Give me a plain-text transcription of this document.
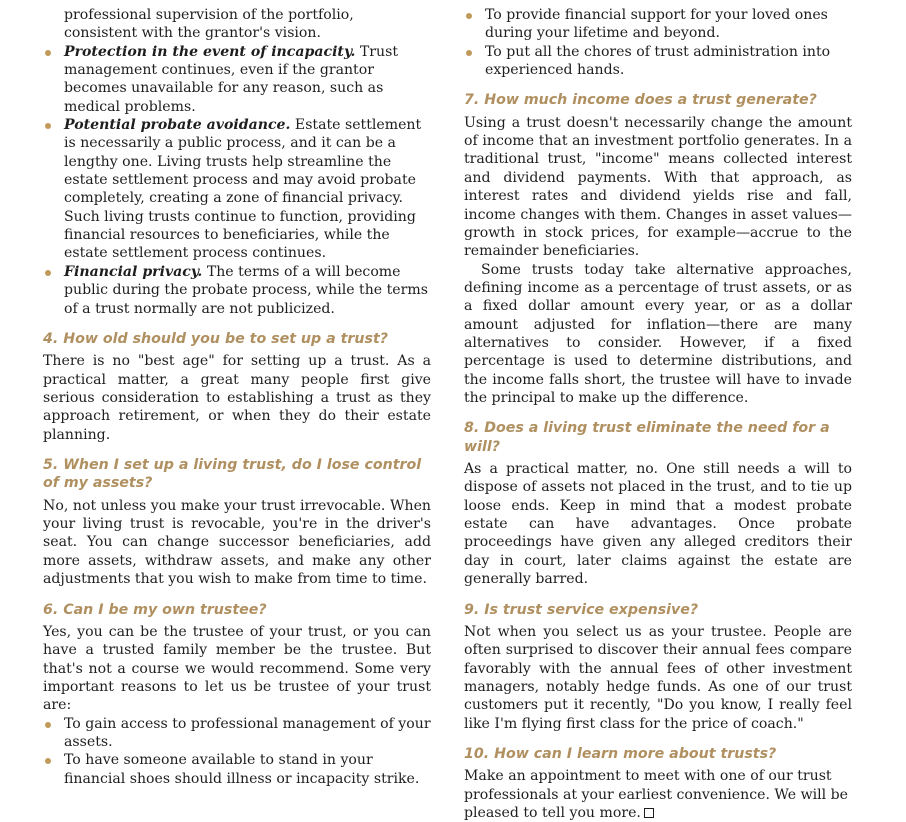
professional supervision of the portfolio, consistent with the grantor's vision.

Protection in the event of incapacity. Trust management continues, even if the grantor becomes unavailable for any reason, such as medical problems.
Potential probate avoidance. Estate settlement is necessarily a public process, and it can be a lengthy one. Living trusts help streamline the estate settlement process and may avoid probate completely, creating a zone of financial privacy. Such living trusts continue to function, providing financial resources to beneficiaries, while the estate settlement process continues.
Financial privacy. The terms of a will become public during the probate process, while the terms of a trust normally are not publicized.
4. How old should you be to set up a trust?

There is no "best age" for setting up a trust. As a practical matter, a great many people first give serious consideration to establishing a trust as they approach retirement, or when they do their estate planning.

5. When I set up a living trust, do I lose control of my assets?

No, not unless you make your trust irrevocable. When your living trust is revocable, you're in the driver's seat. You can change successor beneficiaries, add more assets, withdraw assets, and make any other adjustments that you wish to make from time to time.

6. Can I be my own trustee?

Yes, you can be the trustee of your trust, or you can have a trusted family member be the trustee. But that's not a course we would recommend. Some very important reasons to let us be trustee of your trust are:

To gain access to professional management of your assets.
To have someone available to stand in your financial shoes should illness or incapacity strike.
To provide financial support for your loved ones during your lifetime and beyond.
To put all the chores of trust administration into experienced hands.
7. How much income does a trust generate?

Using a trust doesn't necessarily change the amount of income that an investment portfolio generates. In a traditional trust, "income" means collected interest and dividend payments. With that approach, as interest rates and dividend yields rise and fall, income changes with them. Changes in asset values—growth in stock prices, for example—accrue to the remainder beneficiaries.

Some trusts today take alternative approaches, defining income as a percentage of trust assets, or as a fixed dollar amount every year, or as a dollar amount adjusted for inflation—there are many alternatives to consider. However, if a fixed percentage is used to determine distributions, and the income falls short, the trustee will have to invade the principal to make up the difference.

8. Does a living trust eliminate the need for a will?

As a practical matter, no. One still needs a will to dispose of assets not placed in the trust, and to tie up loose ends. Keep in mind that a modest probate estate can have advantages. Once probate proceedings have given any alleged creditors their day in court, later claims against the estate are generally barred.

9. Is trust service expensive?

Not when you select us as your trustee. People are often surprised to discover their annual fees compare favorably with the annual fees of other investment managers, notably hedge funds. As one of our trust customers put it recently, "Do you know, I really feel like I'm flying first class for the price of coach."

10. How can I learn more about trusts?

Make an appointment to meet with one of our trust professionals at your earliest convenience. We will be pleased to tell you more.
